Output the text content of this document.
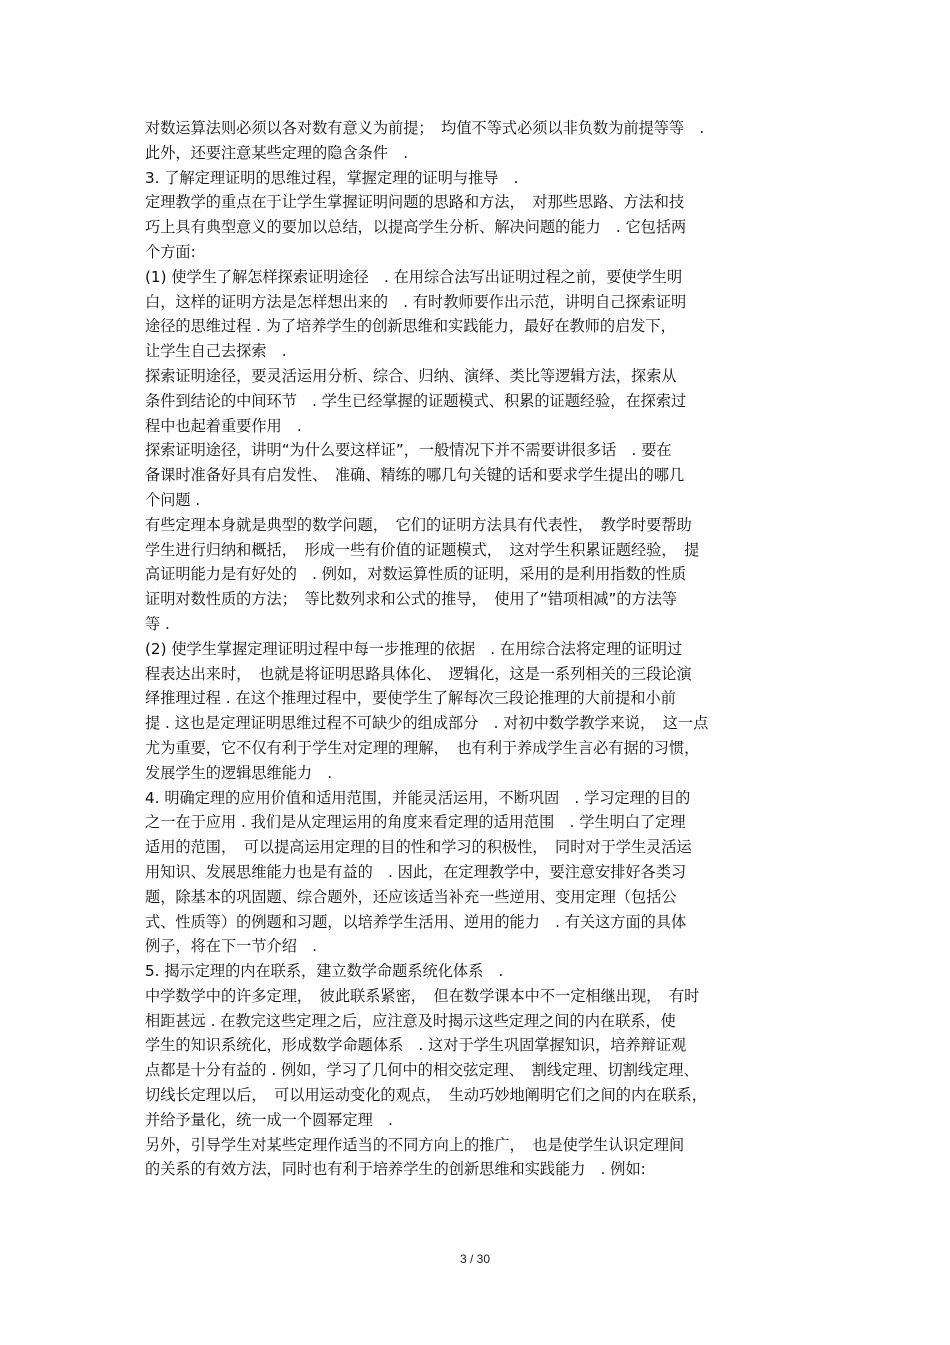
对数运算法则必须以各对数有意义为前提；　均值不等式必须以非负数为前提等等　.
此外，还要注意某些定理的隐含条件　.
3. 了解定理证明的思维过程，掌握定理的证明与推导　.
定理教学的重点在于让学生掌握证明问题的思路和方法，　对那些思路、方法和技
巧上具有典型意义的要加以总结，以提高学生分析、解决问题的能力　. 它包括两
个方面:
(1) 使学生了解怎样探索证明途径　. 在用综合法写出证明过程之前，要使学生明
白，这样的证明方法是怎样想出来的　. 有时教师要作出示范，讲明自己探索证明
途径的思维过程 . 为了培养学生的创新思维和实践能力，最好在教师的启发下，
让学生自己去探索　.
探索证明途径，要灵活运用分析、综合、归纳、演绎、类比等逻辑方法，探索从
条件到结论的中间环节　. 学生已经掌握的证题模式、积累的证题经验，在探索过
程中也起着重要作用　.
探索证明途径，讲明“为什么要这样证”，一般情况下并不需要讲很多话　. 要在
备课时准备好具有启发性、　准确、精练的哪几句关键的话和要求学生提出的哪几
个问题 .
有些定理本身就是典型的数学问题，　它们的证明方法具有代表性，　教学时要帮助
学生进行归纳和概括，　形成一些有价值的证题模式，　这对学生积累证题经验，　提
高证明能力是有好处的　. 例如，对数运算性质的证明，采用的是利用指数的性质
证明对数性质的方法；　等比数列求和公式的推导，　使用了“错项相减”的方法等
等 .
(2) 使学生掌握定理证明过程中每一步推理的依据　. 在用综合法将定理的证明过
程表达出来时，　也就是将证明思路具体化、　逻辑化，这是一系列相关的三段论演
绎推理过程 . 在这个推理过程中，要使学生了解每次三段论推理的大前提和小前
提 . 这也是定理证明思维过程不可缺少的组成部分　. 对初中数学教学来说，　这一点
尤为重要，它不仅有利于学生对定理的理解，　也有利于养成学生言必有据的习惯，
发展学生的逻辑思维能力　.
4. 明确定理的应用价值和适用范围，并能灵活运用，不断巩固　. 学习定理的目的
之一在于应用 . 我们是从定理运用的角度来看定理的适用范围　. 学生明白了定理
适用的范围，　可以提高运用定理的目的性和学习的积极性，　同时对于学生灵活运
用知识、发展思维能力也是有益的　. 因此，在定理教学中，要注意安排好各类习
题，除基本的巩固题、综合题外，还应该适当补充一些逆用、变用定理（包括公
式、性质等）的例题和习题，以培养学生活用、逆用的能力　. 有关这方面的具体
例子，将在下一节介绍　.
5. 揭示定理的内在联系，建立数学命题系统化体系　.
中学数学中的许多定理，　彼此联系紧密，　但在数学课本中不一定相继出现，　有时
相距甚远 . 在教完这些定理之后，应注意及时揭示这些定理之间的内在联系，使
学生的知识系统化，形成数学命题体系　. 这对于学生巩固掌握知识，培养辩证观
点都是十分有益的 . 例如，学习了几何中的相交弦定理、　割线定理、切割线定理、
切线长定理以后，　可以用运动变化的观点，　生动巧妙地阐明它们之间的内在联系，
并给予量化，统一成一个圆幂定理　.
另外，引导学生对某些定理作适当的不同方向上的推广，　也是使学生认识定理间
的关系的有效方法，同时也有利于培养学生的创新思维和实践能力　. 例如:
3 / 30
